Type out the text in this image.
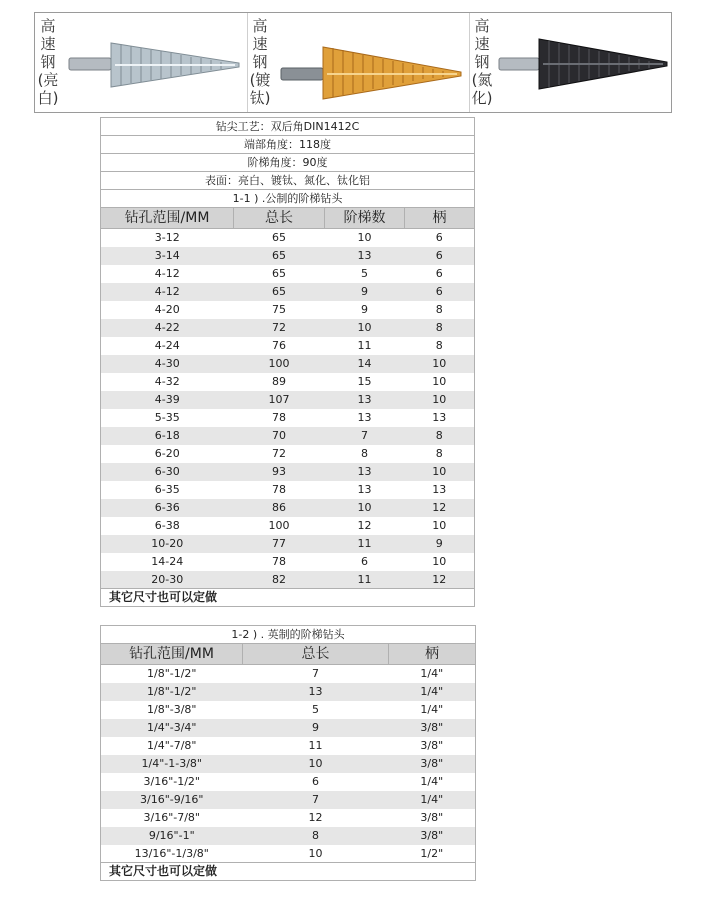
高速钢(亮白)
高速钢(镀钛)
高速钢(氮化)
钻尖工艺：双后角DIN1412C			
端部角度：118度			
阶梯角度：90度			
表面：亮白、镀钛、氮化、钛化铝			
1-1 ) .公制的阶梯钻头			
钻孔范围/MM	总长	阶梯数	柄
3-12	65	10	6
3-14	65	13	6
4-12	65	5	6
4-12	65	9	6
4-20	75	9	8
4-22	72	10	8
4-24	76	11	8
4-30	100	14	10
4-32	89	15	10
4-39	107	13	10
5-35	78	13	13
6-18	70	7	8
6-20	72	8	8
6-30	93	13	10
6-35	78	13	13
6-36	86	10	12
6-38	100	12	10
10-20	77	11	9
14-24	78	6	10
20-30	82	11	12
其它尺寸也可以定做			
1-2 ) . 英制的阶梯钻头		
钻孔范围/MM	总长	柄
1/8"-1/2"	7	1/4"
1/8"-1/2"	13	1/4"
1/8"-3/8"	5	1/4"
1/4"-3/4"	9	3/8"
1/4"-7/8"	11	3/8"
1/4"-1-3/8"	10	3/8"
3/16"-1/2"	6	1/4"
3/16"-9/16"	7	1/4"
3/16"-7/8"	12	3/8"
9/16"-1"	8	3/8"
13/16"-1/3/8"	10	1/2"
其它尺寸也可以定做		
